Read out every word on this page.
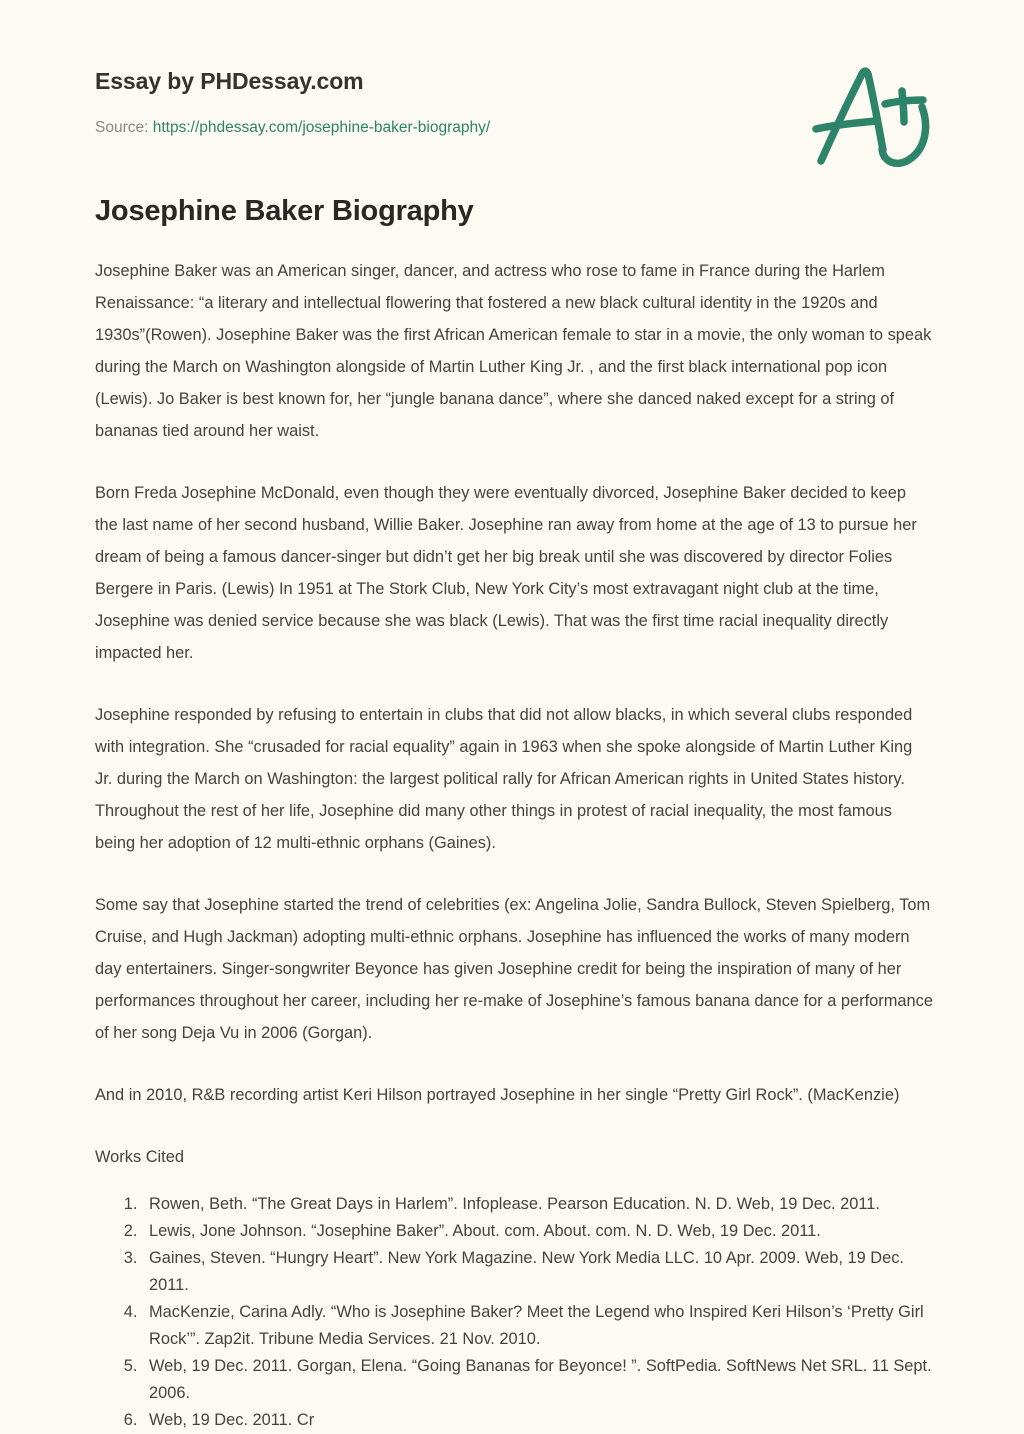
Essay by PHDessay.com
Source: https://phdessay.com/josephine-baker-biography/
Josephine Baker Biography

Josephine Baker was an American singer, dancer, and actress who rose to fame in France during the Harlem Renaissance: “a literary and intellectual flowering that fostered a new black cultural identity in the 1920s and 1930s”(Rowen). Josephine Baker was the first African American female to star in a movie, the only woman to speak during the March on Washington alongside of Martin Luther King Jr. , and the first black international pop icon (Lewis). Jo Baker is best known for, her “jungle banana dance”, where she danced naked except for a string of bananas tied around her waist.

Born Freda Josephine McDonald, even though they were eventually divorced, Josephine Baker decided to keep the last name of her second husband, Willie Baker. Josephine ran away from home at the age of 13 to pursue her dream of being a famous dancer-singer but didn’t get her big break until she was discovered by director Folies Bergere in Paris. (Lewis) In 1951 at The Stork Club, New York City’s most extravagant night club at the time, Josephine was denied service because she was black (Lewis). That was the first time racial inequality directly impacted her.

Josephine responded by refusing to entertain in clubs that did not allow blacks, in which several clubs responded with integration. She “crusaded for racial equality” again in 1963 when she spoke alongside of Martin Luther King Jr. during the March on Washington: the largest political rally for African American rights in United States history. Throughout the rest of her life, Josephine did many other things in protest of racial inequality, the most famous being her adoption of 12 multi-ethnic orphans (Gaines).

Some say that Josephine started the trend of celebrities (ex: Angelina Jolie, Sandra Bullock, Steven Spielberg, Tom Cruise, and Hugh Jackman) adopting multi-ethnic orphans. Josephine has influenced the works of many modern day entertainers. Singer-songwriter Beyonce has given Josephine credit for being the inspiration of many of her performances throughout her career, including her re-make of Josephine’s famous banana dance for a performance of her song Deja Vu in 2006 (Gorgan).

And in 2010, R&B recording artist Keri Hilson portrayed Josephine in her single “Pretty Girl Rock”. (MacKenzie)

Works Cited

1. Rowen, Beth. “The Great Days in Harlem”. Infoplease. Pearson Education. N. D. Web, 19 Dec. 2011.
2. Lewis, Jone Johnson. “Josephine Baker”. About. com. About. com. N. D. Web, 19 Dec. 2011.
3. Gaines, Steven. “Hungry Heart”. New York Magazine. New York Media LLC. 10 Apr. 2009. Web, 19 Dec. 2011.
4. MacKenzie, Carina Adly. “Who is Josephine Baker? Meet the Legend who Inspired Keri Hilson’s ‘Pretty Girl Rock’”. Zap2it. Tribune Media Services. 21 Nov. 2010.
5. Web, 19 Dec. 2011. Gorgan, Elena. “Going Bananas for Beyonce! ”. SoftPedia. SoftNews Net SRL. 11 Sept. 2006.
6. Web, 19 Dec. 2011. Cr
